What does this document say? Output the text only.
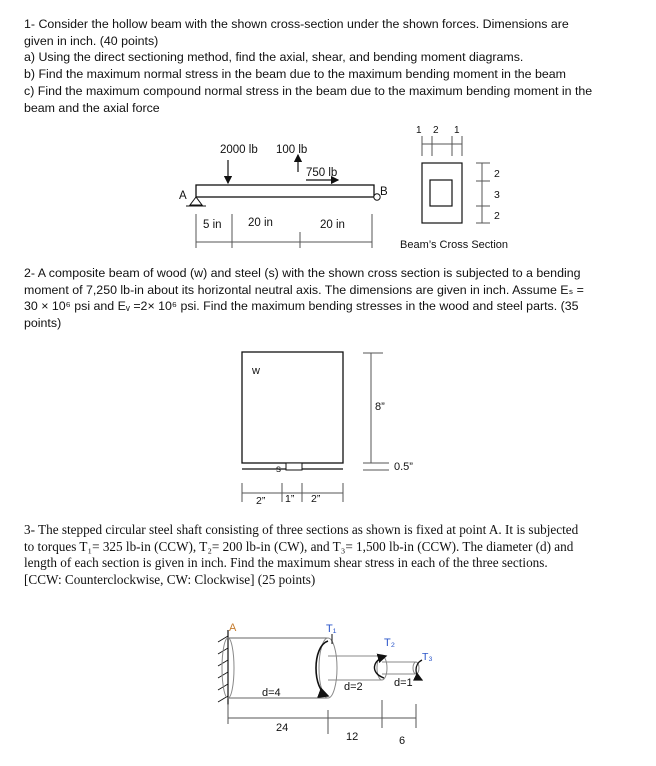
1- Consider the hollow beam with the shown cross-section under the shown forces. Dimensions are
given in inch. (40 points)
a) Using the direct sectioning method, find the axial, shear, and bending moment diagrams.
b) Find the maximum normal stress in the beam due to the maximum bending moment in the beam
c) Find the maximum compound normal stress in the beam due to the maximum bending moment in the
beam and the axial force
2- A composite beam of wood (w) and steel (s) with the shown cross section is subjected to a bending
moment of 7,250 lb-in about its horizontal neutral axis. The dimensions are given in inch. Assume Eₛ =
30 × 10⁶ psi and Eᵥ =2× 10⁶ psi. Find the maximum bending stresses in the wood and steel parts. (35
points)
3- The stepped circular steel shaft consisting of three sections as shown is fixed at point A. It is subjected
to torques T₁= 325 lb-in (CCW), T₂= 200 lb-in (CW), and T₃= 1,500 lb-in (CCW). The diameter (d) and
length of each section is given in inch. Find the maximum shear stress in each of the three sections.
[CCW: Counterclockwise, CW: Clockwise] (25 points)
2000 lb 100 lb
750 lb
A	B
5 in 20 in	20 in
1 2 1
2
3
2
Beam’s Cross Section
w
s
8”
0.5”
2” 1” 2”
A	T₁
T₂
T₃
d=4	d=2	d=1
24
12	6
